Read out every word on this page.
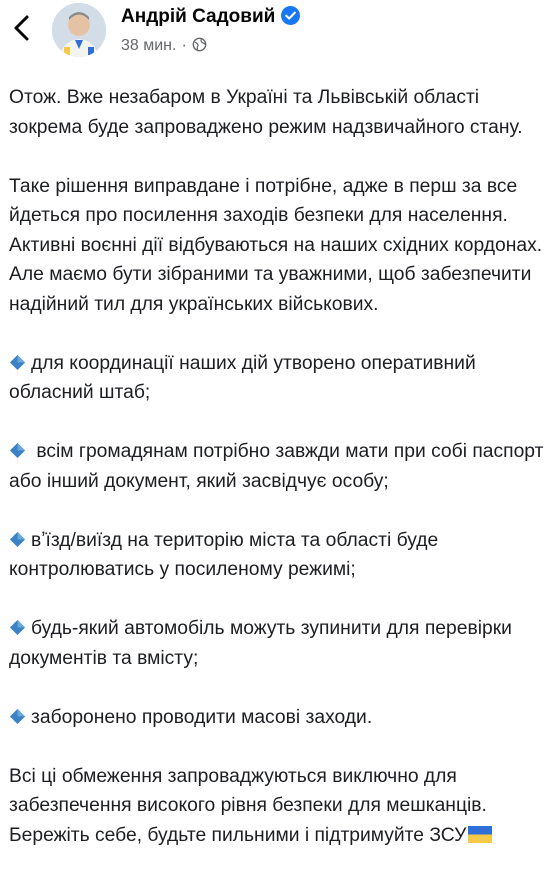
Андрій Садовий
38 мин. ·

Отож. Вже незабаром в Україні та Львівській області зокрема буде запроваджено режим надзвичайного стану.

Таке рішення виправдане і потрібне, адже в перш за все йдеться про посилення заходів безпеки для населення. Активні воєнні дії відбуваються на наших східних кордонах. Але маємо бути зібраними та уважними, щоб забезпечити надійний тил для українських військових.

для координації наших дій утворено оперативний обласний штаб;

всім громадянам потрібно завжди мати при собі паспорт або інший документ, який засвідчує особу;

вʼїзд/виїзд на територію міста та області буде контролюватись у посиленому режимі;

будь-який автомобіль можуть зупинити для перевірки документів та вмісту;

заборонено проводити масові заходи.

Всі ці обмеження запроваджуються виключно для забезпечення високого рівня безпеки для мешканців.

Бережіть себе, будьте пильними і підтримуйте ЗСУ
